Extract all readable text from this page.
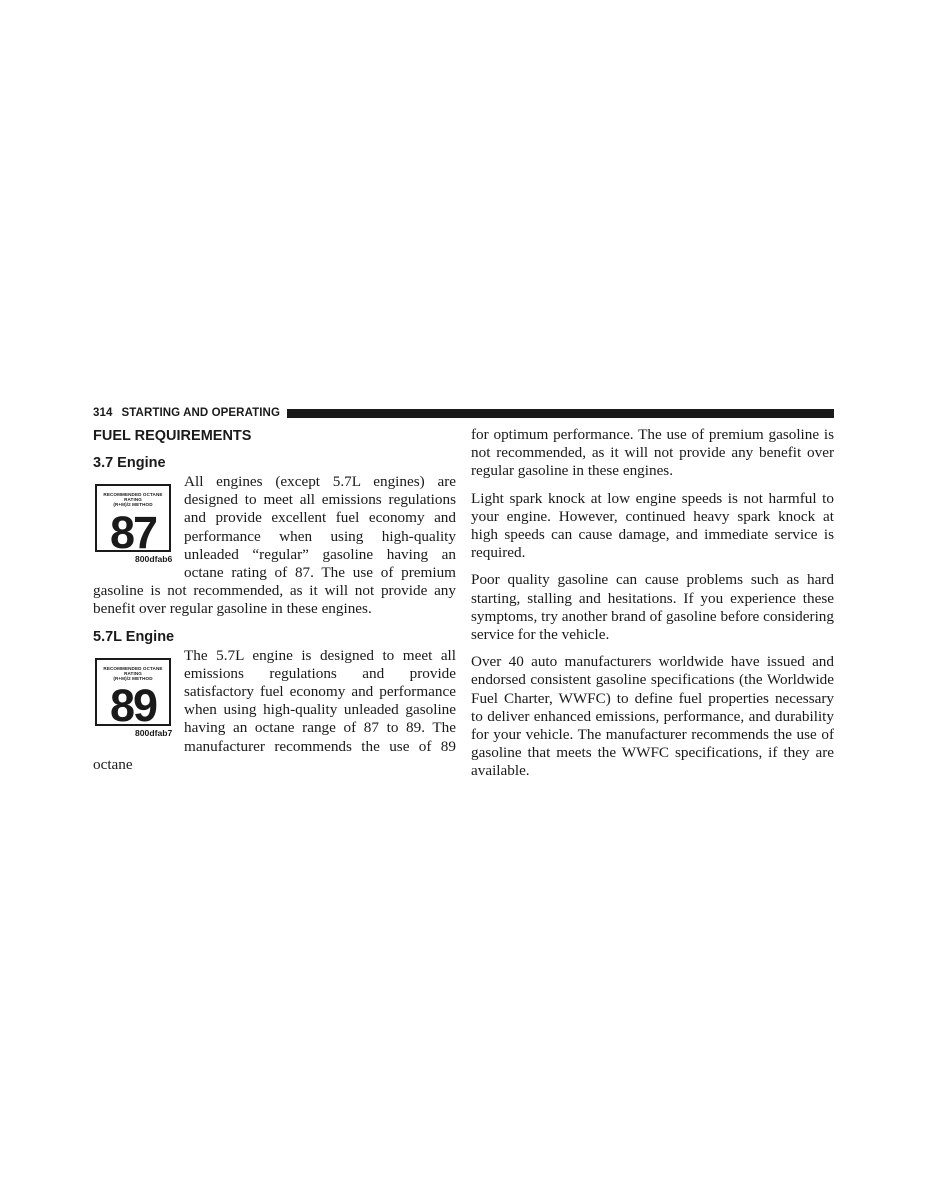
314 STARTING AND OPERATING
FUEL REQUIREMENTS
3.7 Engine
RECOMMENDED OCTANE RATING
(R+M)/2 METHOD
87
800dfab6

All engines (except 5.7L engines) are designed to meet all emissions regulations and provide excellent fuel economy and performance when using high-quality unleaded “regular” gasoline having an octane rating of 87. The use of premium gasoline is not recommended, as it will not provide any benefit over regular gasoline in these engines.

5.7L Engine
RECOMMENDED OCTANE RATING
(R+M)/2 METHOD
89
800dfab7

The 5.7L engine is designed to meet all emissions regulations and provide satisfactory fuel economy and performance when using high-quality unleaded gasoline having an octane range of 87 to 89. The manufacturer recommends the use of 89 octane

for optimum performance. The use of premium gasoline is not recommended, as it will not provide any benefit over regular gasoline in these engines.

Light spark knock at low engine speeds is not harmful to your engine. However, continued heavy spark knock at high speeds can cause damage, and immediate service is required.

Poor quality gasoline can cause problems such as hard starting, stalling and hesitations. If you experience these symptoms, try another brand of gasoline before considering service for the vehicle.

Over 40 auto manufacturers worldwide have issued and endorsed consistent gasoline specifications (the Worldwide Fuel Charter, WWFC) to define fuel properties necessary to deliver enhanced emissions, performance, and durability for your vehicle. The manufacturer recommends the use of gasoline that meets the WWFC specifications, if they are available.
